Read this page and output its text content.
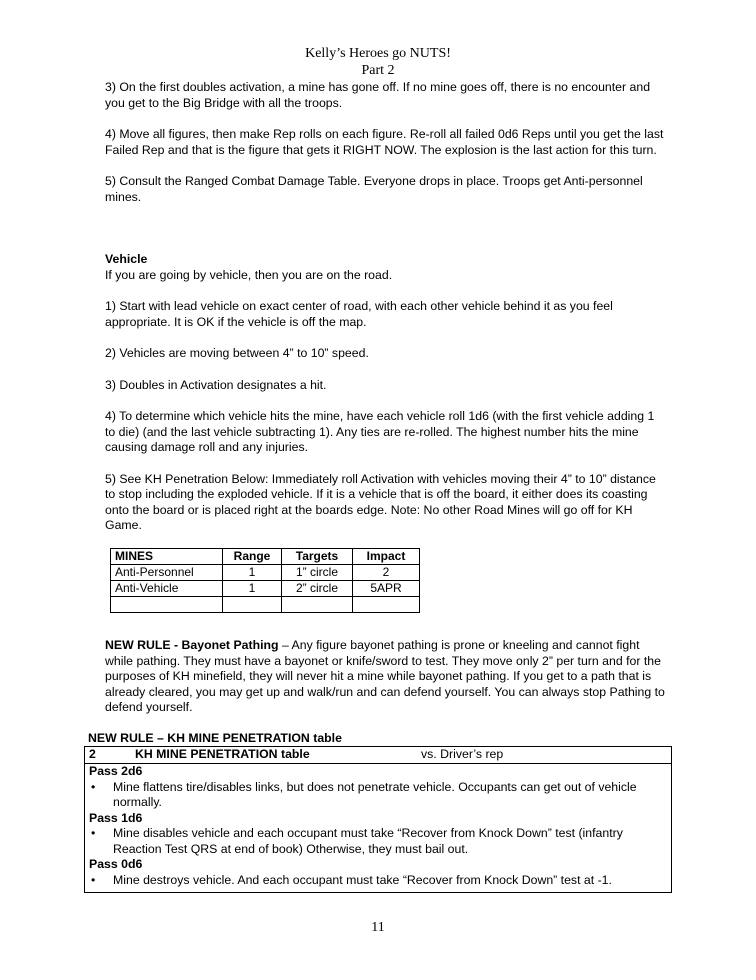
Kelly’s Heroes go NUTS!
Part 2

3) On the first doubles activation, a mine has gone off. If no mine goes off, there is no encounter and you get to the Big Bridge with all the troops.

4) Move all figures, then make Rep rolls on each figure. Re-roll all failed 0d6 Reps until you get the last Failed Rep and that is the figure that gets it RIGHT NOW. The explosion is the last action for this turn.

5) Consult the Ranged Combat Damage Table. Everyone drops in place. Troops get Anti-personnel mines.

Vehicle

If you are going by vehicle, then you are on the road.

1) Start with lead vehicle on exact center of road, with each other vehicle behind it as you feel appropriate. It is OK if the vehicle is off the map.

2) Vehicles are moving between 4” to 10” speed.

3) Doubles in Activation designates a hit.

4) To determine which vehicle hits the mine, have each vehicle roll 1d6 (with the first vehicle adding 1 to die) (and the last vehicle subtracting 1). Any ties are re-rolled. The highest number hits the mine causing damage roll and any injuries.

5) See KH Penetration Below: Immediately roll Activation with vehicles moving their 4” to 10” distance to stop including the exploded vehicle. If it is a vehicle that is off the board, it either does its coasting onto the board or is placed right at the boards edge. Note: No other Road Mines will go off for KH Game.

MINES	Range	Targets	Impact
Anti-Personnel	1	1” circle	2
Anti-Vehicle	1	2” circle	5APR

NEW RULE - Bayonet Pathing – Any figure bayonet pathing is prone or kneeling and cannot fight while pathing. They must have a bayonet or knife/sword to test. They move only 2” per turn and for the purposes of KH minefield, they will never hit a mine while bayonet pathing. If you get to a path that is already cleared, you may get up and walk/run and can defend yourself. You can always stop Pathing to defend yourself.
NEW RULE – KH MINE PENETRATION table
2	KH MINE PENETRATION table	vs. Driver’s rep

Pass 2d6

•	Mine flattens tire/disables links, but does not penetrate vehicle. Occupants can get out of vehicle normally.

Pass 1d6

•	Mine disables vehicle and each occupant must take “Recover from Knock Down” test (infantry Reaction Test QRS at end of book) Otherwise, they must bail out.

Pass 0d6

•	Mine destroys vehicle. And each occupant must take “Recover from Knock Down” test at -1.
11
